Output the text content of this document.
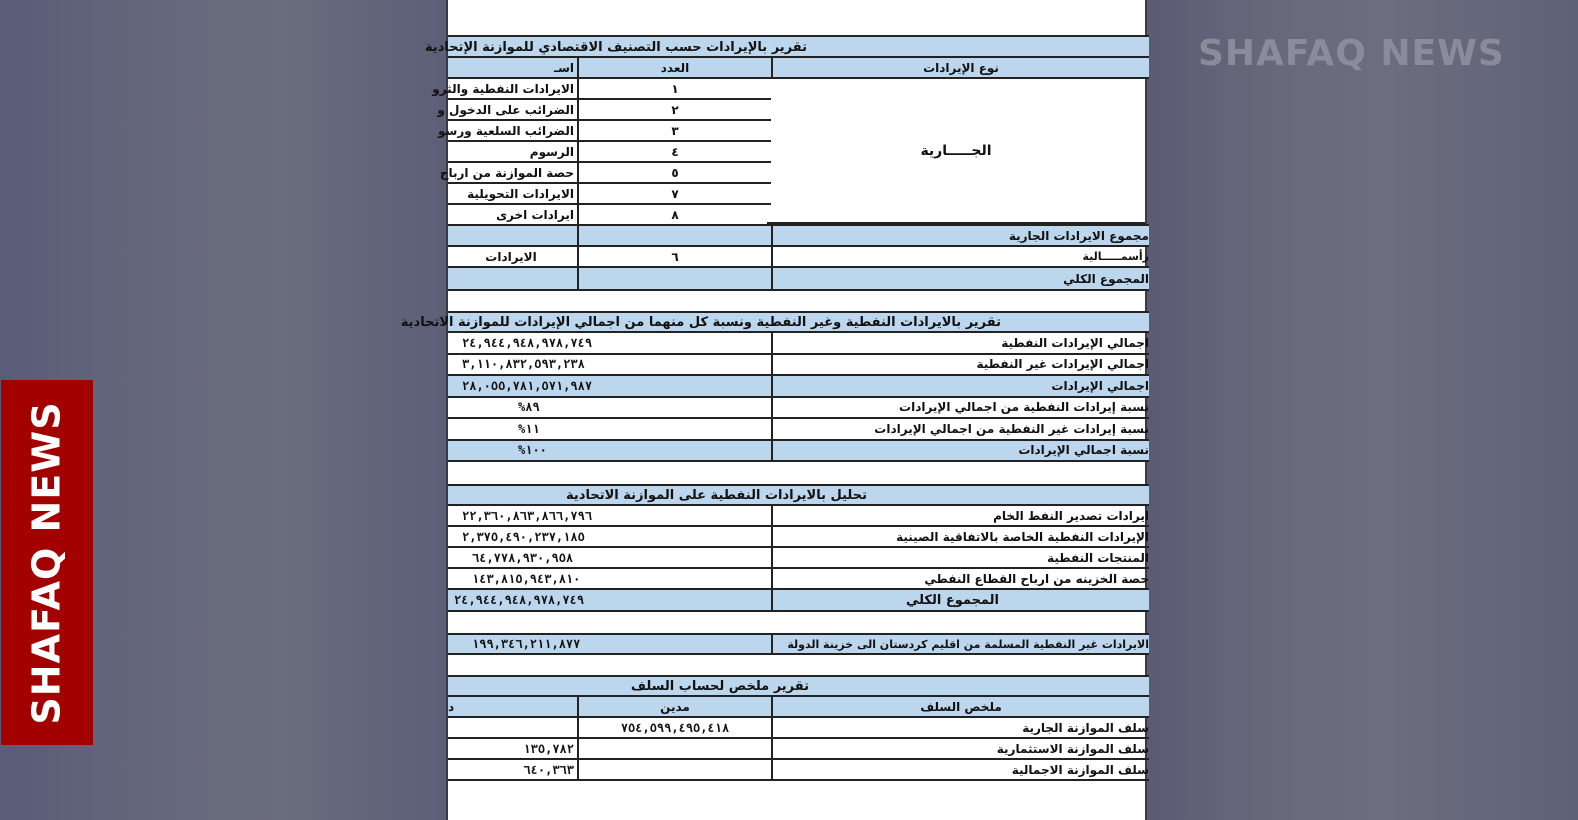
SHAFAQ NEWS
SHAFAQ NEWS
تقرير بالإيرادات حسب التصنيف الاقتصادي للموازنة الإتحادية
نوع الإيرادات
العدد
اسـ
الجـــــارية
١
الايرادات النفطية والثرو
٢
الضرائب على الدخول و
٣
الضرائب السلعية ورسو
٤
الرسوم
٥
حصة الموازنة من ارباح
٧
الايرادات التحويلية
٨
ايرادات اخرى
مجموع الايرادات الجارية
رأسمـــــالية
٦
الايرادات
المجموع الكلي
تقرير بالايرادات النفطية وغير النفطية ونسبة كل منهما من اجمالي الإيرادات للموازنة الاتحادية
اجمالي الإيرادات النفطية
٢٤,٩٤٤,٩٤٨,٩٧٨,٧٤٩
اجمالي الإيرادات غير النفطية
٣,١١٠,٨٣٢,٥٩٣,٢٣٨
اجمالي الإيرادات
٢٨,٠٥٥,٧٨١,٥٧١,٩٨٧
نسبة إيرادات النفطية من اجمالي الإيرادات
%٨٩
نسبة إيرادات غير النفطية من اجمالي الإيرادات
%١١
نسبة اجمالي الإيرادات
%١٠٠
تحليل بالايرادات النفطية على الموازنة الاتحادية
ايرادات تصدير النفط الخام
٢٢,٣٦٠,٨٦٣,٨٦٦,٧٩٦
الإيرادات النفطية الخاصة بالاتفاقية الصينية
٢,٣٧٥,٤٩٠,٢٣٧,١٨٥
المنتجات النفطية
٦٤,٧٧٨,٩٣٠,٩٥٨
حصة الخزينه من ارباح القطاع النفطي
١٤٣,٨١٥,٩٤٣,٨١٠
المجموع الكلي
٢٤,٩٤٤,٩٤٨,٩٧٨,٧٤٩
الايرادات غير النفطية المسلمة من اقليم كردستان الى خزينة الدولة
١٩٩,٣٤٦,٢١١,٨٧٧
تقرير ملخص لحساب السلف
ملخص السلف
مدين
د
سلف الموازنة الجارية
٧٥٤,٥٩٩,٤٩٥,٤١٨
سلف الموازنة الاستثمارية
١٣٥,٧٨٢
سلف الموازنة الاجمالية
٦٤٠,٣٦٣
